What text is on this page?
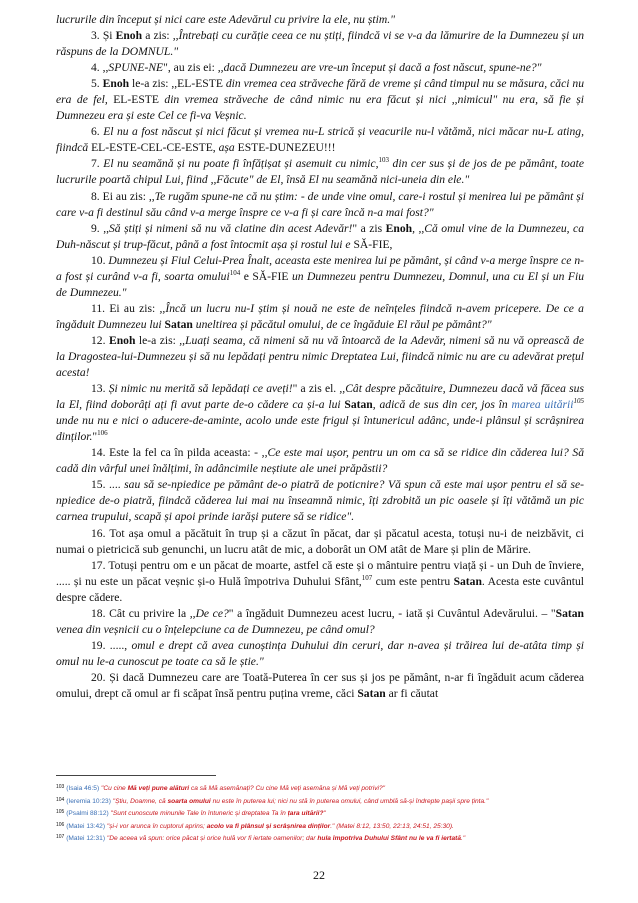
lucrurile din început și nici care este Adevărul cu privire la ele, nu știm."

3. Și Enoh a zis: ,,Întrebați cu curăție ceea ce nu știți, fiindcă vi se v-a da lămurire de la Dumnezeu și un răspuns de la DOMNUL."

4. ,,SPUNE-NE", au zis ei: ,,dacă Dumnezeu are vre-un început și dacă a fost născut, spune-ne?"

5. Enoh le-a zis: ,,EL-ESTE din vremea cea străveche fără de vreme și când timpul nu se măsura, căci nu era de fel, EL-ESTE din vremea străveche de când nimic nu era făcut și nici ,,nimicul" nu era, să fie și Dumnezeu era și este Cel ce fi-va Veșnic.

6. El nu a fost născut și nici făcut și vremea nu-L strică și veacurile nu-l vătămă, nici măcar nu-L ating, fiindcă EL-ESTE-CEL-CE-ESTE, așa ESTE-DUNEZEU!!!

7. El nu seamănă și nu poate fi înfățișat și asemuit cu nimic,$^{103}$ din cer sus și de jos de pe pământ, toate lucrurile poartă chipul Lui, fiind ,,Făcute" de El, însă El nu seamănă nici-uneia din ele."

8. Ei au zis: ,,Te rugăm spune-ne că nu știm: - de unde vine omul, care-i rostul și menirea lui pe pământ și care v-a fi destinul său când v-a merge înspre ce v-a fi și care încă n-a mai fost?"

9. ,,Să știți și nimeni să nu vă clatine din acest Adevăr!" a zis Enoh, ,,Că omul vine de la Dumnezeu, ca Duh-născut și trup-făcut, până a fost întocmit așa și rostul lui e SĂ-FIE,

10. Dumnezeu și Fiul Celui-Prea Înalt, aceasta este menirea lui pe pământ, și când v-a merge înspre ce n-a fost și curând v-a fi, soarta omului$^{104}$ e SĂ-FIE un Dumnezeu pentru Dumnezeu, Domnul, una cu El și un Fiu de Dumnezeu."

11. Ei au zis: ,,Încă un lucru nu-I știm și nouă ne este de neînțeles fiindcă n-avem pricepere. De ce a îngăduit Dumnezeu lui Satan uneltirea și păcătul omului, de ce îngăduie El răul pe pământ?"

12. Enoh le-a zis: ,,Luați seama, că nimeni să nu vă întoarcă de la Adevăr, nimeni să nu vă oprească de la Dragostea-lui-Dumnezeu și să nu lepădați pentru nimic Dreptatea Lui, fiindcă nimic nu are cu adevărat prețul acesta!

13. Și nimic nu merită să lepădați ce aveți!" a zis el. ,,Cât despre păcătuire, Dumnezeu dacă vă făcea sus la El, fiind doborâți ați fi avut parte de-o cădere ca și-a lui Satan, adică de sus din cer, jos în marea uitării$^{105}$ unde nu nu e nici o aducere-de-aminte, acolo unde este frigul și întunericul adânc, unde-i plânsul și scrâșnirea dinților."$^{106}$

14. Este la fel ca în pilda aceasta: - ,,Ce este mai ușor, pentru un om ca să se ridice din căderea lui? Să cadă din vârful unei înălțimi, în adâncimile neștiute ale unei prăpăstii?

15. .... sau să se-npiedice pe pământ de-o piatră de poticnire? Vă spun că este mai ușor pentru el să se-npiedice de-o piatră, fiindcă căderea lui mai nu înseamnă nimic, îți zdrobită un pic oasele și îți vătămă un pic carnea trupului, scapă și apoi prinde iarăși putere să se ridice".

16. Tot așa omul a păcătuit în trup și a căzut în păcat, dar și păcatul acesta, totuși nu-i de neizbăvit, ci numai o pietricică sub genunchi, un lucru atât de mic, a doborât un OM atât de Mare și plin de Mărire.

17. Totuși pentru om e un păcat de moarte, astfel că este și o mântuire pentru viață și - un Duh de înviere, ..... și nu este un păcat veșnic și-o Hulă împotriva Duhului Sfânt,$^{107}$ cum este pentru Satan. Acesta este cuvântul despre cădere.

18. Cât cu privire la ,,De ce?" a îngăduit Dumnezeu acest lucru, - iată și Cuvântul Adevărului. – "Satan venea din veșnicii cu o înțelepciune ca de Dumnezeu, pe când omul?

19. ....., omul e drept că avea cunoștința Duhului din ceruri, dar n-avea și trăirea lui de-atâta timp și omul nu le-a cunoscut pe toate ca să le știe."

20. Și dacă Dumnezeu care are Toată-Puterea în cer sus și jos pe pământ, n-ar fi îngăduit acum căderea omului, drept că omul ar fi scăpat însă pentru puțina vreme, căci Satan ar fi căutat

$^{103}$ (Isaia 46:5) "Cu cine Mă veți pune alături ca să Mă asemănați? Cu cine Mă veți asemăna și Mă veți potrivi?"

$^{104}$ (Ieremia 10:23) "Știu, Doamne, că soarta omului nu este în puterea lui; nici nu stă în puterea omului, când umblă să-și îndrepte pașii spre ținta."

$^{105}$ (Psalmi 88:12) "Sunt cunoscute minunile Tale în întuneric și dreptatea Ta în țara uitării?"

$^{106}$ (Matei 13:42) "și-i vor arunca în cuptorul aprins; acolo va fi plânsul și scrâșnirea dinților." (Matei 8:12, 13:50, 22:13, 24:51, 25:30).

$^{107}$ (Matei 12:31) "De aceea vă spun: orice păcat și orice hulă vor fi iertate oamenilor; dar hula împotriva Duhului Sfânt nu le va fi iertată."

22
